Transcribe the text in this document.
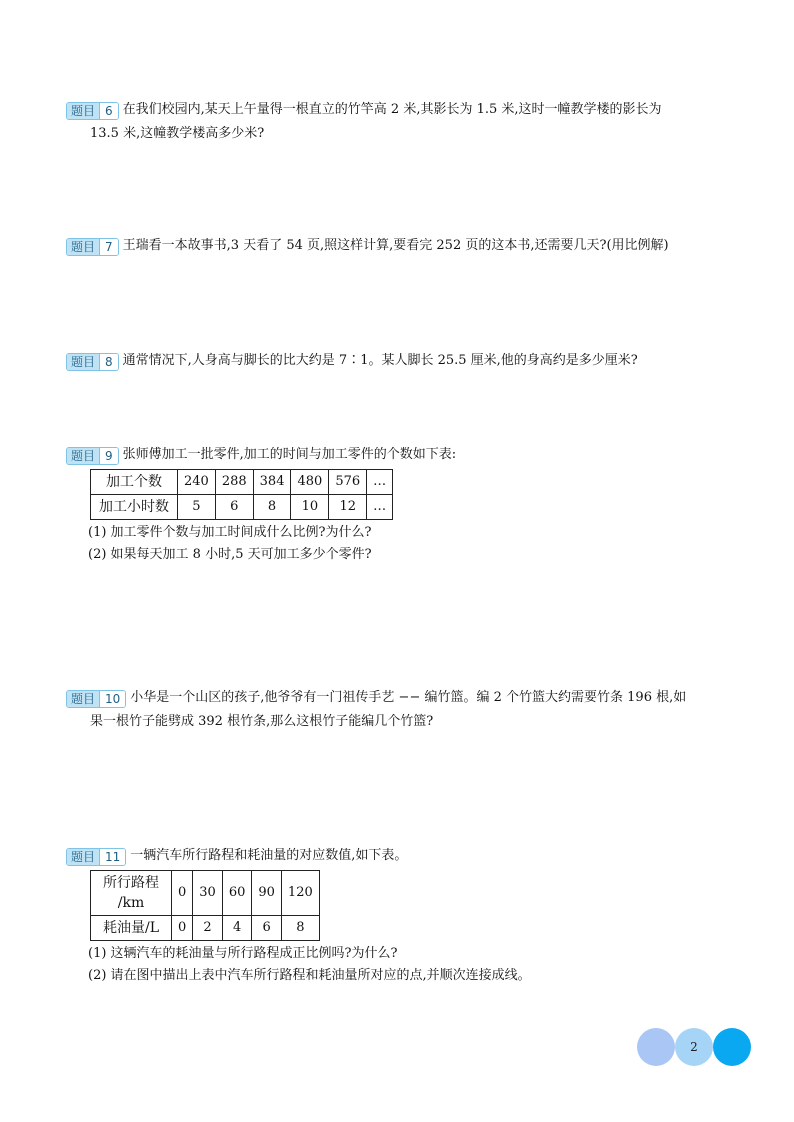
题目 6 在我们校园内,某天上午量得一根直立的竹竿高 2 米,其影长为 1.5 米,这时一幢教学楼的影长为
13.5 米,这幢教学楼高多少米?
题目 7 王瑞看一本故事书,3 天看了 54 页,照这样计算,要看完 252 页的这本书,还需要几天?(用比例解)
题目 8 通常情况下,人身高与脚长的比大约是 7∶1。某人脚长 25.5 厘米,他的身高约是多少厘米?
题目 9 张师傅加工一批零件,加工的时间与加工零件的个数如下表:
加工个数	240	288	384	480	576	…
加工小时数	5	6	8	10	12	…
(1) 加工零件个数与加工时间成什么比例?为什么?
(2) 如果每天加工 8 小时,5 天可加工多少个零件?
题目 10 小华是一个山区的孩子,他爷爷有一门祖传手艺 −− 编竹篮。编 2 个竹篮大约需要竹条 196 根,如
果一根竹子能劈成 392 根竹条,那么这根竹子能编几个竹篮?
题目 11 一辆汽车所行路程和耗油量的对应数值,如下表。
所行路程
/km	0	30	60	90	120
耗油量/L	0	2	4	6	8
(1) 这辆汽车的耗油量与所行路程成正比例吗?为什么?
(2) 请在图中描出上表中汽车所行路程和耗油量所对应的点,并顺次连接成线。
2
